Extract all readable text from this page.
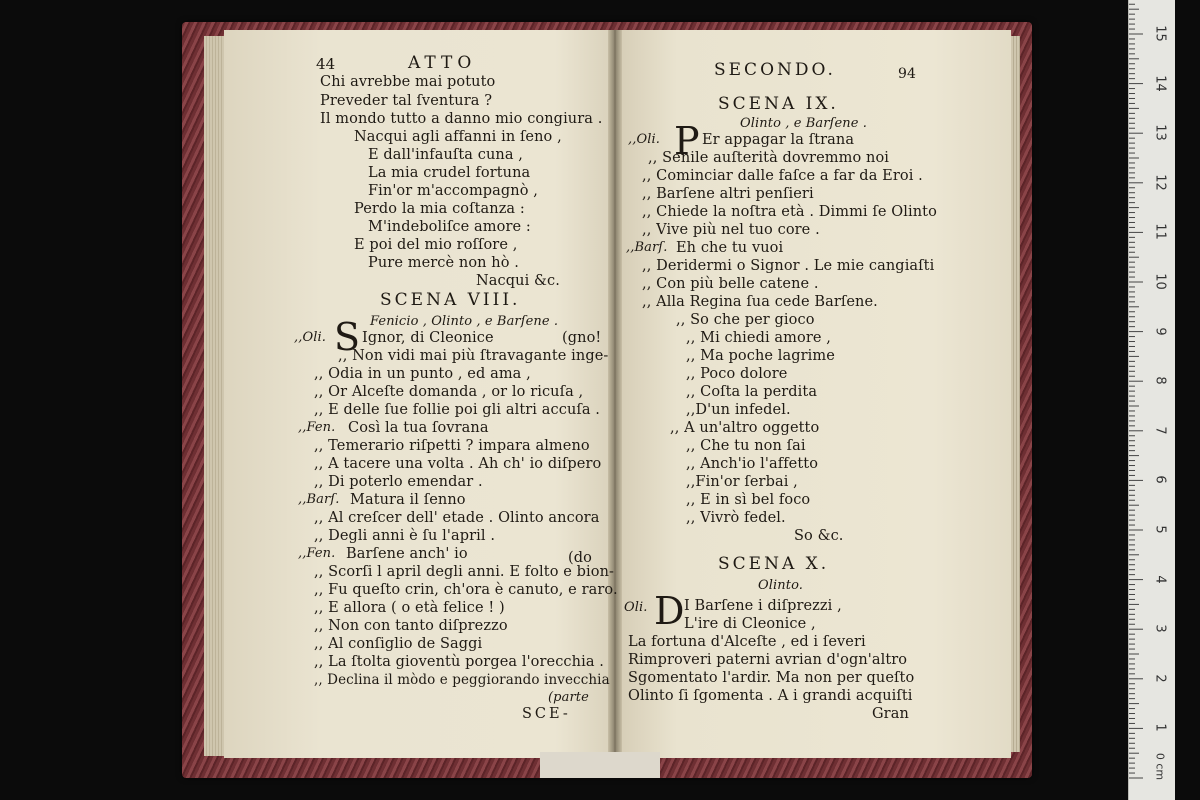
44	ATTO
Chi avrebbe mai potuto
Preveder tal ſventura ?
Il mondo tutto a danno mio congiura .
Nacqui agli affanni in ſeno ,
E dall'infauſta cuna ,
La mia crudel fortuna
Fin'or m'accompagnò ,
Perdo la mia coſtanza :
M'indeboliſce amore :
E poi del mio roſſore ,
Pure mercè non hò .
Nacqui &c.
SCENA VIII.
Fenicio , Olinto , e Barſene .
,,Oli. S Ignor, di Cleonice	(gno!
,, Non vidi mai più ſtravagante inge-
,, Odia in un punto , ed ama ,
,, Or Alceſte domanda , or lo ricuſa ,
,, E delle ſue follie poi gli altri accuſa .
,,Fen. Così la tua ſovrana
,, Temerario riſpetti ? impara almeno
,, A tacere una volta . Ah ch' io diſpero
,, Di poterlo emendar .
,,Barſ. Matura il ſenno
,, Al creſcer dell' etade . Olinto ancora
,, Degli anni è ſu l'april .
,,Fen. Barſene anch' io	(do
,, Scorſi l april degli anni. E folto e bion-
,, Fu queſto crin, ch'ora è canuto, e raro.
,, E allora ( o età felice ! )
,, Non con tanto diſprezzo
,, Al conſiglio de Saggi
,, La ſtolta gioventù porgea l'orecchia .
,, Declina il mòdo e peggiorando invecchia
(parte
SCE-
SECONDO.	94
SCENA IX.
Olinto , e Barſene .
,,Oli. P Er appagar la ſtrana
,, Senile auſterità dovremmo noi
,, Cominciar dalle faſce a far da Eroi .
,, Barſene altri penſieri
,, Chiede la noſtra età . Dimmi ſe Olinto
,, Vive più nel tuo core .
,,Barſ. Eh che tu vuoi
,, Deridermi o Signor . Le mie cangiaſti
,, Con più belle catene .
,, Alla Regina ſua cede Barſene.
,, So che per gioco
,, Mi chiedi amore ,
,, Ma poche lagrime
,, Poco dolore
,, Coſta la perdita
,,D'un infedel.
,, A un'altro oggetto
,, Che tu non ſai
,, Anch'io l'affetto
,,Fin'or ſerbai ,
,, E in sì bel foco
,, Vivrò fedel.
So &c.
SCENA X.
Olinto.
Oli. D I Barſene i diſprezzi ,
L'ire di Cleonice ,
La fortuna d'Alceſte , ed i ſeveri
Rimproveri paterni avrian d'ogn'altro
Sgomentato l'ardir. Ma non per queſto
Olinto ſi ſgomenta . A i grandi acquiſti
Gran
0 cm
1
2
3
4
5
6
7
8
9
10
11
12
13
14
15
